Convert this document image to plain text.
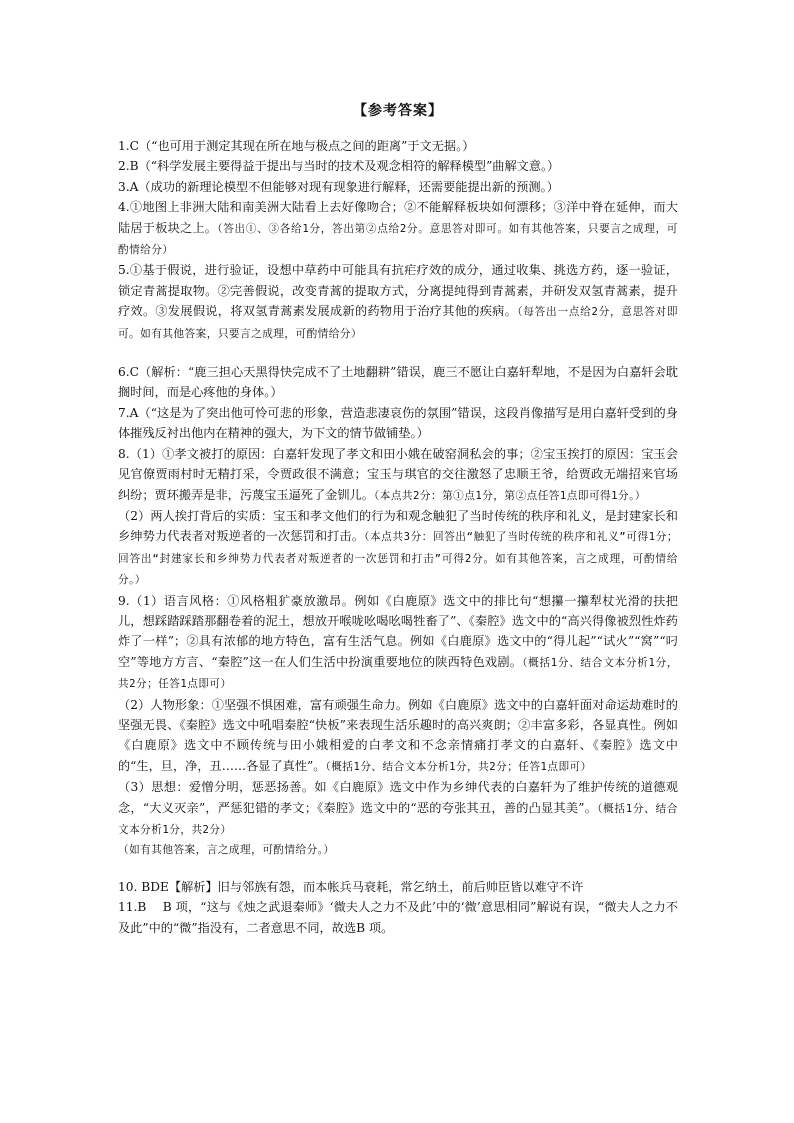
【参考答案】

1.C（“也可用于测定其现在所在地与极点之间的距离”于文无据。）

2.B（“科学发展主要得益于提出与当时的技术及观念相符的解释模型”曲解文意。）

3.A（成功的新理论模型不但能够对现有现象进行解释，还需要能提出新的预测。）

4.①地图上非洲大陆和南美洲大陆看上去好像吻合；②不能解释板块如何漂移；③洋中脊在延伸，而大陆居于板块之上。（答出①、③各给1分，答出第②点给2分。意思答对即可。如有其他答案，只要言之成理，可酌情给分）

5.①基于假说，进行验证，设想中草药中可能具有抗疟疗效的成分，通过收集、挑选方药，逐一验证，锁定青蒿提取物。②完善假说，改变青蒿的提取方式，分离提纯得到青蒿素，并研发双氢青蒿素，提升疗效。③发展假说，将双氢青蒿素发展成新的药物用于治疗其他的疾病。（每答出一点给2分，意思答对即可。如有其他答案，只要言之成理，可酌情给分）

6.C（解析：“鹿三担心天黑得快完成不了土地翻耕”错误，鹿三不愿让白嘉轩犁地，不是因为白嘉轩会耽搁时间，而是心疼他的身体。）

7.A（“这是为了突出他可怜可悲的形象，营造悲凄哀伤的氛围”错误，这段肖像描写是用白嘉轩受到的身体摧残反衬出他内在精神的强大，为下文的情节做铺垫。）

8.（1）①孝文被打的原因：白嘉轩发现了孝文和田小娥在破窑洞私会的事；②宝玉挨打的原因：宝玉会见官僚贾雨村时无精打采，令贾政很不满意；宝玉与琪官的交往激怒了忠顺王爷，给贾政无端招来官场纠纷；贾环搬弄是非，污蔑宝玉逼死了金钏儿。（本点共2分：第①点1分，第②点任答1点即可得1分。）

（2）两人挨打背后的实质：宝玉和孝文他们的行为和观念触犯了当时传统的秩序和礼义，是封建家长和乡绅势力代表者对叛逆者的一次惩罚和打击。（本点共3分：回答出“触犯了当时传统的秩序和礼义”可得1分；回答出“封建家长和乡绅势力代表者对叛逆者的一次惩罚和打击”可得2分。如有其他答案，言之成理，可酌情给分。）

9.（1）语言风格：①风格粗犷豪放激昂。例如《白鹿原》选文中的排比句“想攥一攥犁杖光滑的扶把儿，想踩踏踩踏那翻卷着的泥土，想放开喉咙吆喝吆喝牲畜了”、《秦腔》选文中的“高兴得像被烈性炸药炸了一样”；②具有浓郁的地方特色，富有生活气息。例如《白鹿原》选文中的“得儿起”“试火”“窝”“叼空”等地方方言、“秦腔”这一在人们生活中扮演重要地位的陕西特色戏剧。（概括1分、结合文本分析1分，共2分；任答1点即可）

（2）人物形象：①坚强不惧困难，富有顽强生命力。例如《白鹿原》选文中的白嘉轩面对命运劫难时的坚强无畏、《秦腔》选文中吼唱秦腔“快板”来表现生活乐趣时的高兴爽朗；②丰富多彩，各显真性。例如《白鹿原》选文中不顾传统与田小娥相爱的白孝文和不念亲情痛打孝文的白嘉轩、《秦腔》选文中的“生，旦，净，丑……各显了真性”。（概括1分、结合文本分析1分，共2分；任答1点即可）

（3）思想：爱憎分明，惩恶扬善。如《白鹿原》选文中作为乡绅代表的白嘉轩为了维护传统的道德观念，“大义灭亲”，严惩犯错的孝文；《秦腔》选文中的“恶的夸张其丑，善的凸显其美”。（概括1分、结合文本分析1分，共2分）

（如有其他答案，言之成理，可酌情给分。）

10. BDE【解析】旧与邻族有怨，而本帐兵马衰耗，常乞纳土，前后帅臣皆以难守不许

11.B　 B 项，“这与《烛之武退秦师》‘微夫人之力不及此’中的‘微’意思相同”解说有误，“微夫人之力不及此”中的“微”指没有，二者意思不同，故选B 项。
